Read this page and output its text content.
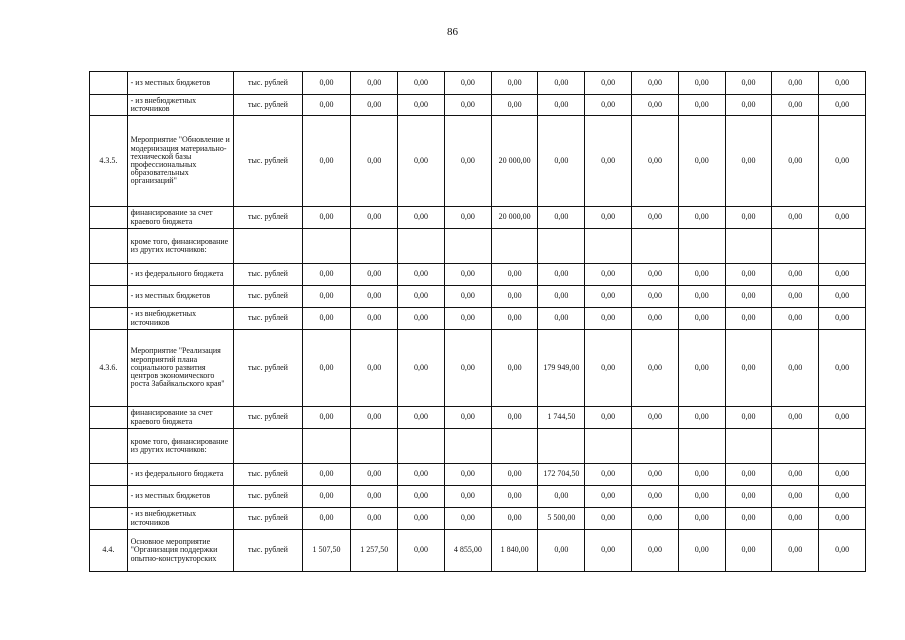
86
	- из местных бюджетов	тыс. рублей	0,00	0,00	0,00	0,00	0,00	0,00	0,00	0,00	0,00	0,00	0,00	0,00
	- из внебюджетных источников	тыс. рублей	0,00	0,00	0,00	0,00	0,00	0,00	0,00	0,00	0,00	0,00	0,00	0,00
4.3.5.	Мероприятие "Обновление и модернизация материально-технической базы профессиональных образовательных организаций"	тыс. рублей	0,00	0,00	0,00	0,00	20 000,00	0,00	0,00	0,00	0,00	0,00	0,00	0,00
	финансирование за счет краевого бюджета	тыс. рублей	0,00	0,00	0,00	0,00	20 000,00	0,00	0,00	0,00	0,00	0,00	0,00	0,00
	кроме того, финансирование из других источников:													
	- из федерального бюджета	тыс. рублей	0,00	0,00	0,00	0,00	0,00	0,00	0,00	0,00	0,00	0,00	0,00	0,00
	- из местных бюджетов	тыс. рублей	0,00	0,00	0,00	0,00	0,00	0,00	0,00	0,00	0,00	0,00	0,00	0,00
	- из внебюджетных источников	тыс. рублей	0,00	0,00	0,00	0,00	0,00	0,00	0,00	0,00	0,00	0,00	0,00	0,00
4.3.6.	Мероприятие "Реализация мероприятий плана социального развития центров экономического роста Забайкальского края"	тыс. рублей	0,00	0,00	0,00	0,00	0,00	179 949,00	0,00	0,00	0,00	0,00	0,00	0,00
	финансирование за счет краевого бюджета	тыс. рублей	0,00	0,00	0,00	0,00	0,00	1 744,50	0,00	0,00	0,00	0,00	0,00	0,00
	кроме того, финансирование из других источников:													
	- из федерального бюджета	тыс. рублей	0,00	0,00	0,00	0,00	0,00	172 704,50	0,00	0,00	0,00	0,00	0,00	0,00
	- из местных бюджетов	тыс. рублей	0,00	0,00	0,00	0,00	0,00	0,00	0,00	0,00	0,00	0,00	0,00	0,00
	- из внебюджетных источников	тыс. рублей	0,00	0,00	0,00	0,00	0,00	5 500,00	0,00	0,00	0,00	0,00	0,00	0,00
4.4.	Основное мероприятие "Организация поддержки опытно-конструкторских	тыс. рублей	1 507,50	1 257,50	0,00	4 855,00	1 840,00	0,00	0,00	0,00	0,00	0,00	0,00	0,00
